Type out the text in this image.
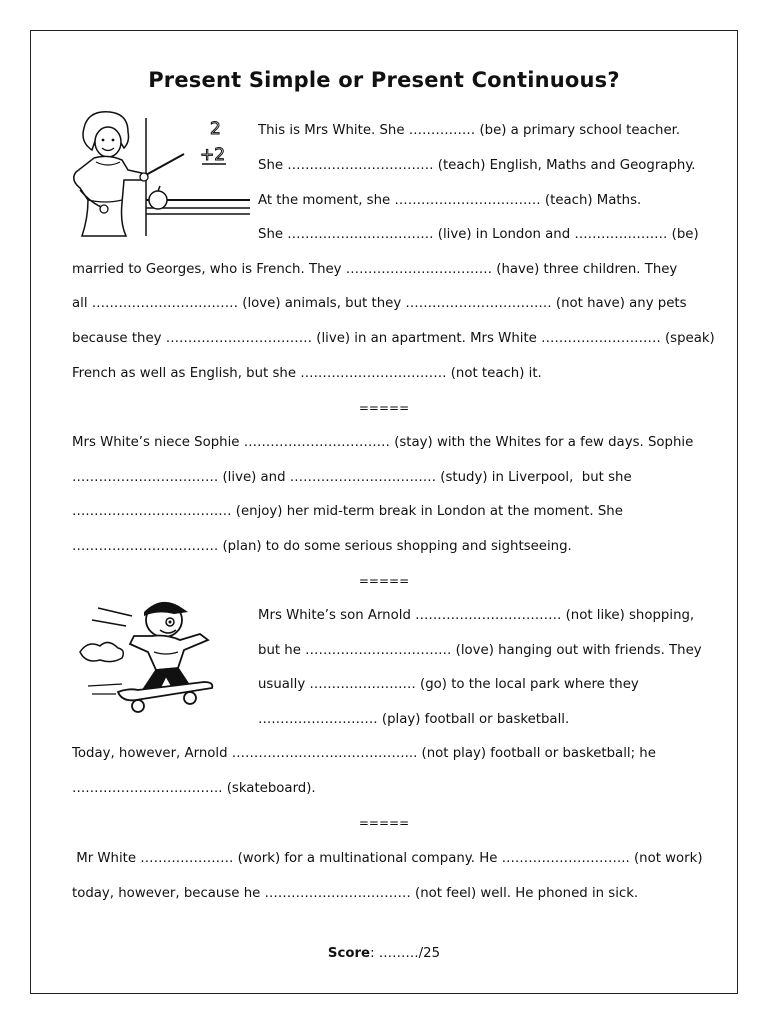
Present Simple or Present Continuous?
2
+2
This is Mrs White. She …………… (be) a primary school teacher.
She …………………………… (teach) English, Maths and Geography.
At the moment, she …………………………… (teach) Maths.
She …………………………… (live) in London and ………………… (be)
married to Georges, who is French. They …………………………… (have) three children. They
all …………………………… (love) animals, but they …………………………… (not have) any pets
because they …………………………… (live) in an apartment. Mrs White ……………………… (speak)
French as well as English, but she …………………………… (not teach) it.
=====
Mrs White’s niece Sophie …………………………… (stay) with the Whites for a few days. Sophie
…………………………… (live) and …………………………… (study) in Liverpool,  but she
……………………………… (enjoy) her mid-term break in London at the moment. She
…………………………… (plan) to do some serious shopping and sightseeing.
=====
Mrs White’s son Arnold …………………………… (not like) shopping,
but he …………………………… (love) hanging out with friends. They
usually …………………… (go) to the local park where they
……………………… (play) football or basketball.
Today, however, Arnold …………………………………... (not play) football or basketball; he
……………………………. (skateboard).
=====
Mr White ………………… (work) for a multinational company. He ……………………….. (not work)
today, however, because he …………………………… (not feel) well. He phoned in sick.
Score: ………/25
